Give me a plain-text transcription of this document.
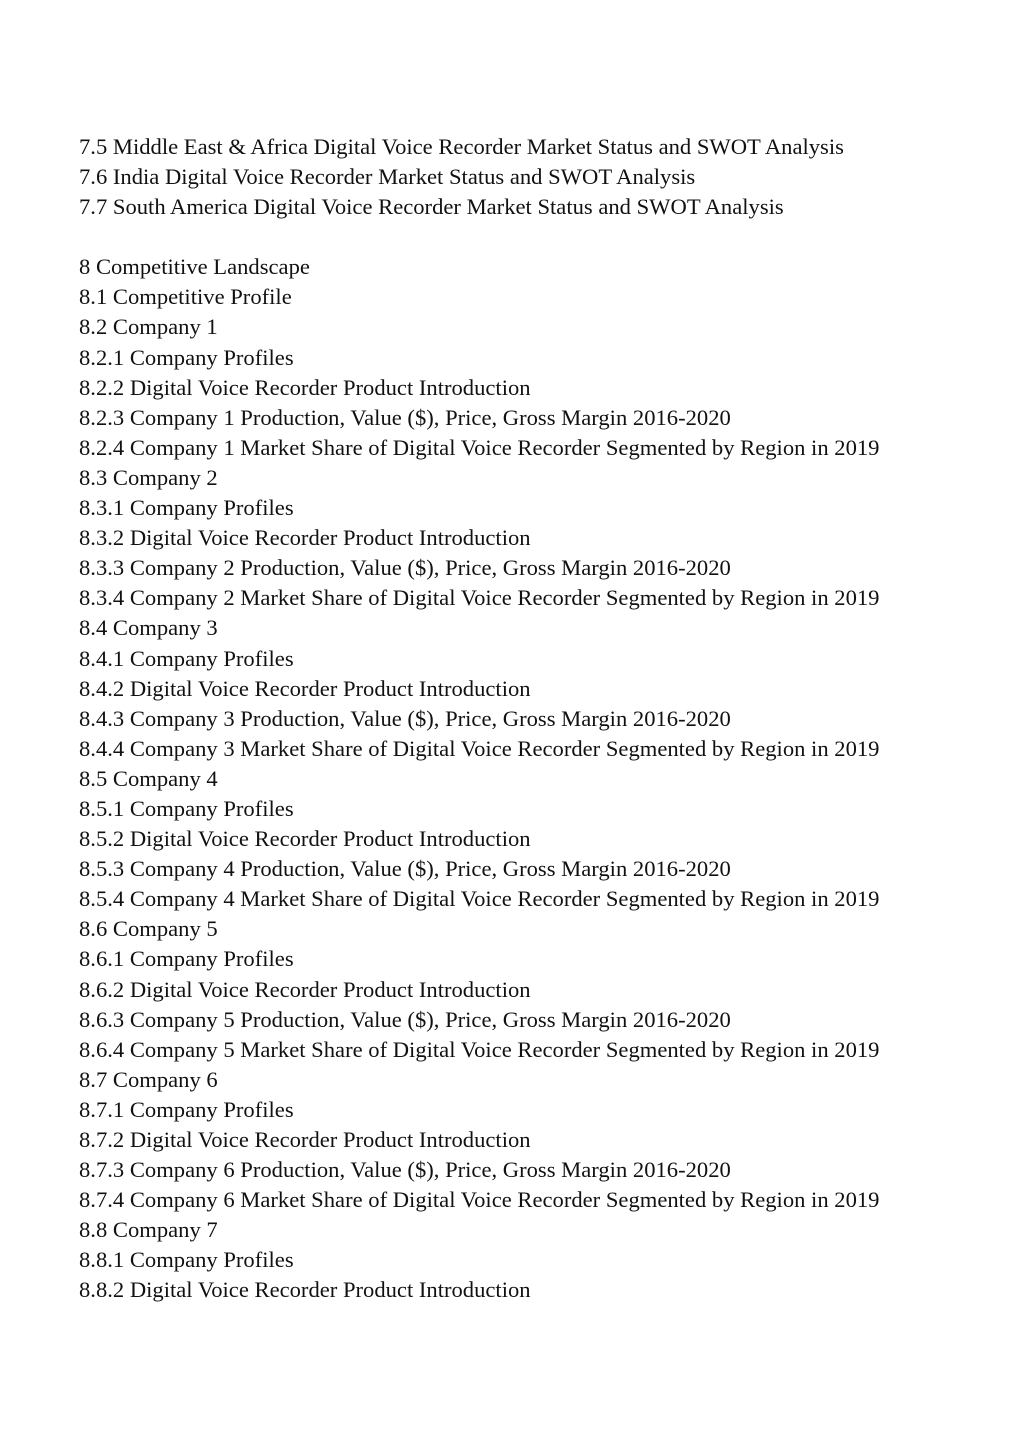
7.5 Middle East & Africa Digital Voice Recorder Market Status and SWOT Analysis
7.6 India Digital Voice Recorder Market Status and SWOT Analysis
7.7 South America Digital Voice Recorder Market Status and SWOT Analysis
8 Competitive Landscape
8.1 Competitive Profile
8.2 Company 1
8.2.1 Company Profiles
8.2.2 Digital Voice Recorder Product Introduction
8.2.3 Company 1 Production, Value ($), Price, Gross Margin 2016-2020
8.2.4 Company 1 Market Share of Digital Voice Recorder Segmented by Region in 2019
8.3 Company 2
8.3.1 Company Profiles
8.3.2 Digital Voice Recorder Product Introduction
8.3.3 Company 2 Production, Value ($), Price, Gross Margin 2016-2020
8.3.4 Company 2 Market Share of Digital Voice Recorder Segmented by Region in 2019
8.4 Company 3
8.4.1 Company Profiles
8.4.2 Digital Voice Recorder Product Introduction
8.4.3 Company 3 Production, Value ($), Price, Gross Margin 2016-2020
8.4.4 Company 3 Market Share of Digital Voice Recorder Segmented by Region in 2019
8.5 Company 4
8.5.1 Company Profiles
8.5.2 Digital Voice Recorder Product Introduction
8.5.3 Company 4 Production, Value ($), Price, Gross Margin 2016-2020
8.5.4 Company 4 Market Share of Digital Voice Recorder Segmented by Region in 2019
8.6 Company 5
8.6.1 Company Profiles
8.6.2 Digital Voice Recorder Product Introduction
8.6.3 Company 5 Production, Value ($), Price, Gross Margin 2016-2020
8.6.4 Company 5 Market Share of Digital Voice Recorder Segmented by Region in 2019
8.7 Company 6
8.7.1 Company Profiles
8.7.2 Digital Voice Recorder Product Introduction
8.7.3 Company 6 Production, Value ($), Price, Gross Margin 2016-2020
8.7.4 Company 6 Market Share of Digital Voice Recorder Segmented by Region in 2019
8.8 Company 7
8.8.1 Company Profiles
8.8.2 Digital Voice Recorder Product Introduction
